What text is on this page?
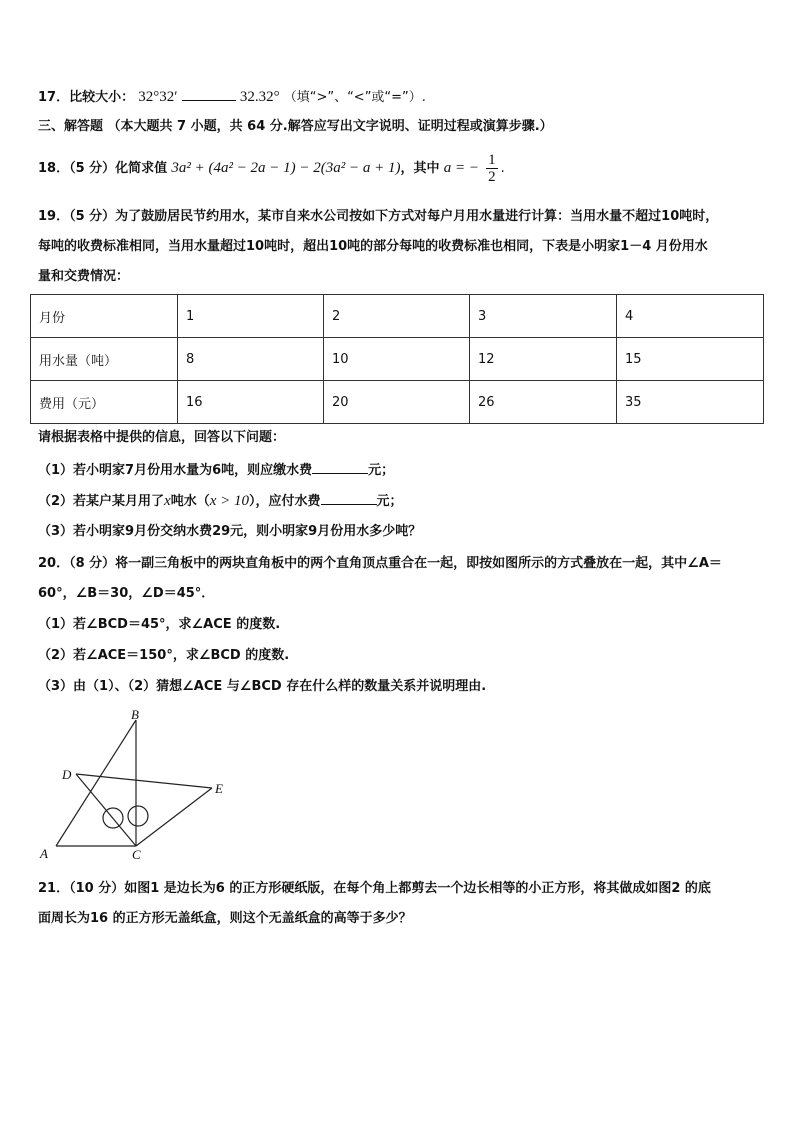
17．比较大小： 32°32′	32.32° （填“>”、“<”或“=”）.
三、解答题 （本大题共 7 小题，共 64 分.解答应写出文字说明、证明过程或演算步骤.）
18．（5 分）化简求值 3a² + (4a² − 2a − 1) − 2(3a² − a + 1)，其中 a = − $\frac{1}{2}$ .
19．（5 分）为了鼓励居民节约用水，某市自来水公司按如下方式对每户月用水量进行计算：当用水量不超过10吨时，
每吨的收费标准相同，当用水量超过10吨时，超出10吨的部分每吨的收费标准也相同，下表是小明家1－4 月份用水
量和交费情况：
月份	1	2	3	4
用水量（吨）	8	10	12	15
费用（元）	16	20	26	35
请根据表格中提供的信息，回答以下问题：
（1）若小明家7月份用水量为6吨，则应缴水费	元；
（2）若某户某月用了x吨水（x > 10），应付水费	元；
（3）若小明家9月份交纳水费29元，则小明家9月份用水多少吨？
20．（8 分）将一副三角板中的两块直角板中的两个直角顶点重合在一起，即按如图所示的方式叠放在一起，其中∠A＝
60°，∠B＝30，∠D＝45°．
（1）若∠BCD＝45°，求∠ACE 的度数.
（2）若∠ACE＝150°，求∠BCD 的度数.
（3）由（1）、（2）猜想∠ACE 与∠BCD 存在什么样的数量关系并说明理由.
B
D
E
A	C
21．（10 分）如图1 是边长为6 的正方形硬纸版，在每个角上都剪去一个边长相等的小正方形，将其做成如图2 的底
面周长为16 的正方形无盖纸盒，则这个无盖纸盒的高等于多少？
